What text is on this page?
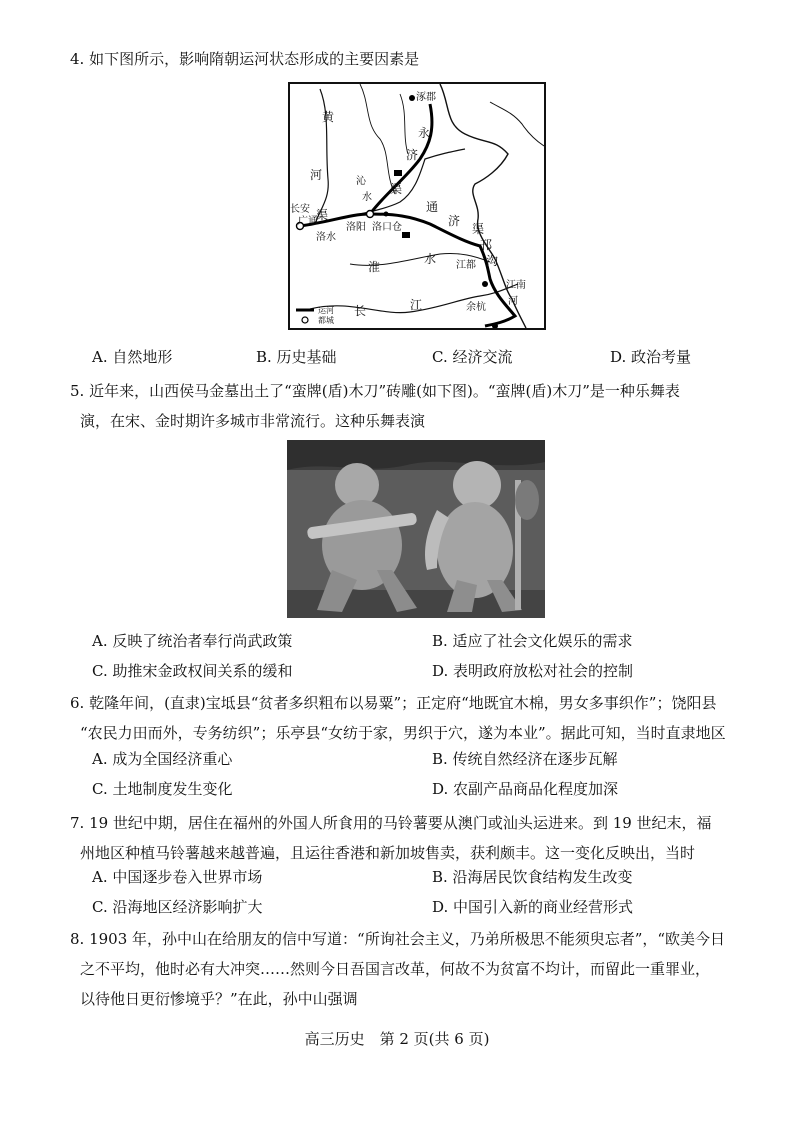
4. 如下图所示，影响隋朝运河状态形成的主要因素是
涿郡
黄
河
永
济
沁
水
渠
长安
广通
渠
洛水
洛阳 洛口仓
通
济
渠
淮
水
邗
沟
江都
江南
河
长	江	余杭
运河
都城
A. 自然地形	B. 历史基础	C. 经济交流	D. 政治考量
5. 近年来，山西侯马金墓出土了“蛮牌(盾)木刀”砖雕(如下图)。“蛮牌(盾)木刀”是一种乐舞表
演，在宋、金时期许多城市非常流行。这种乐舞表演
A. 反映了统治者奉行尚武政策	B. 适应了社会文化娱乐的需求
C. 助推宋金政权间关系的缓和	D. 表明政府放松对社会的控制
6. 乾隆年间，(直隶)宝坻县“贫者多织粗布以易粟”；正定府“地既宜木棉，男女多事织作”；饶阳县
“农民力田而外，专务纺织”；乐亭县“女纺于家，男织于穴，遂为本业”。据此可知，当时直隶地区
A. 成为全国经济重心	B. 传统自然经济在逐步瓦解
C. 土地制度发生变化	D. 农副产品商品化程度加深
7. 19 世纪中期，居住在福州的外国人所食用的马铃薯要从澳门或汕头运进来。到 19 世纪末，福
州地区种植马铃薯越来越普遍，且运往香港和新加坡售卖，获利颇丰。这一变化反映出，当时
A. 中国逐步卷入世界市场	B. 沿海居民饮食结构发生改变
C. 沿海地区经济影响扩大	D. 中国引入新的商业经营形式
8. 1903 年，孙中山在给朋友的信中写道：“所询社会主义，乃弟所极思不能须臾忘者”，“欧美今日
之不平均，他时必有大冲突……然则今日吾国言改革，何故不为贫富不均计，而留此一重罪业，
以待他日更衍惨境乎？”在此，孙中山强调
高三历史　第 2 页(共 6 页)
